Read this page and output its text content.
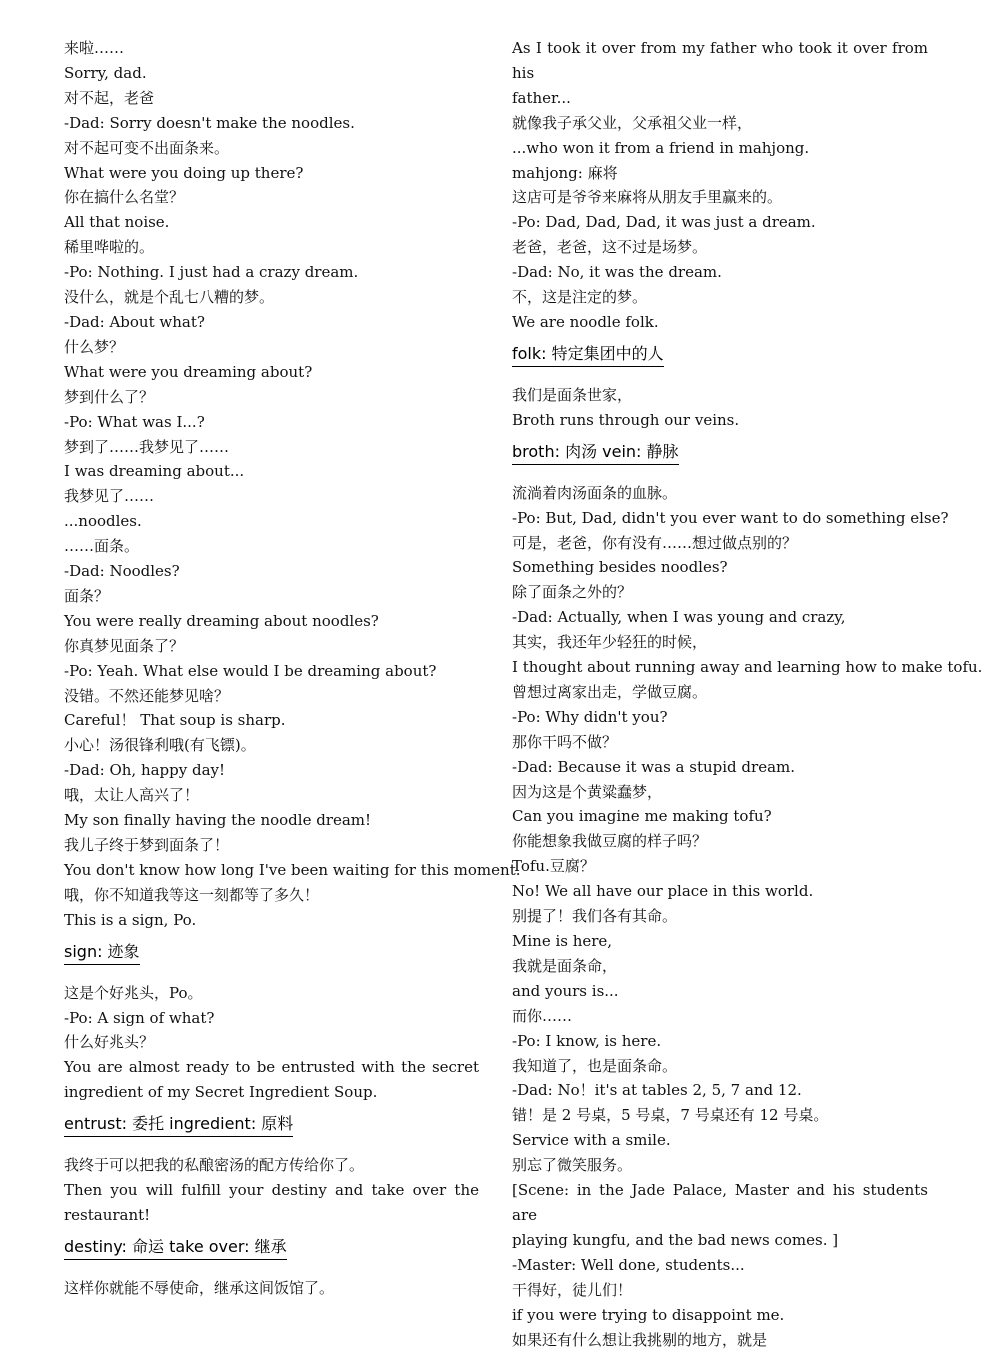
来啦……
Sorry, dad.
对不起，老爸
-Dad: Sorry doesn't make the noodles.
对不起可变不出面条来。
What were you doing up there?
你在搞什么名堂？
All that noise.
稀里哗啦的。
-Po: Nothing. I just had a crazy dream.
没什么，就是个乱七八糟的梦。
-Dad: About what?
什么梦？
What were you dreaming about?
梦到什么了？
-Po: What was I...?
梦到了……我梦见了……
I was dreaming about...
我梦见了……
...noodles.
……面条。
-Dad: Noodles?
面条？
You were really dreaming about noodles?
你真梦见面条了？
-Po: Yeah. What else would I be dreaming about?
没错。不然还能梦见啥？
Careful！ That soup is sharp.
小心！汤很锋利哦(有飞镖)。
-Dad: Oh, happy day!
哦，太让人高兴了！
My son finally having the noodle dream!
我儿子终于梦到面条了！
You don't know how long I've been waiting for this moment.
哦，你不知道我等这一刻都等了多久！
This is a sign, Po.
sign: 迹象
这是个好兆头，Po。
-Po: A sign of what?
什么好兆头？
You are almost ready to be entrusted with the secret
ingredient of my Secret Ingredient Soup.
entrust: 委托 ingredient: 原料
我终于可以把我的私酿密汤的配方传给你了。
Then you will fulfill your destiny and take over the
restaurant!
destiny: 命运 take over: 继承
这样你就能不辱使命，继承这间饭馆了。
As I took it over from my father who took it over from his
father...
就像我子承父业，父承祖父业一样，
...who won it from a friend in mahjong.
mahjong: 麻将
这店可是爷爷来麻将从朋友手里赢来的。
-Po: Dad, Dad, Dad, it was just a dream.
老爸，老爸，这不过是场梦。
-Dad: No, it was the dream.
不，这是注定的梦。
We are noodle folk.
folk: 特定集团中的人
我们是面条世家，
Broth runs through our veins.
broth: 肉汤 vein: 静脉
流淌着肉汤面条的血脉。
-Po: But, Dad, didn't you ever want to do something else?
可是，老爸，你有没有……想过做点别的？
Something besides noodles?
除了面条之外的？
-Dad: Actually, when I was young and crazy,
其实，我还年少轻狂的时候，
I thought about running away and learning how to make tofu.
曾想过离家出走，学做豆腐。
-Po: Why didn't you?
那你干吗不做？
-Dad: Because it was a stupid dream.
因为这是个黄粱蠢梦，
Can you imagine me making tofu?
你能想象我做豆腐的样子吗？
Tofu.豆腐？
No! We all have our place in this world.
别提了！我们各有其命。
Mine is here,
我就是面条命，
and yours is...
而你……
-Po: I know, is here.
我知道了，也是面条命。
-Dad: No！it's at tables 2, 5, 7 and 12.
错！是 2 号桌，5 号桌，7 号桌还有 12 号桌。
Service with a smile.
别忘了微笑服务。
[Scene: in the Jade Palace, Master and his students are
playing kungfu, and the bad news comes. ]
-Master: Well done, students...
干得好，徒儿们！
if you were trying to disappoint me.
如果还有什么想让我挑剔的地方，就是
